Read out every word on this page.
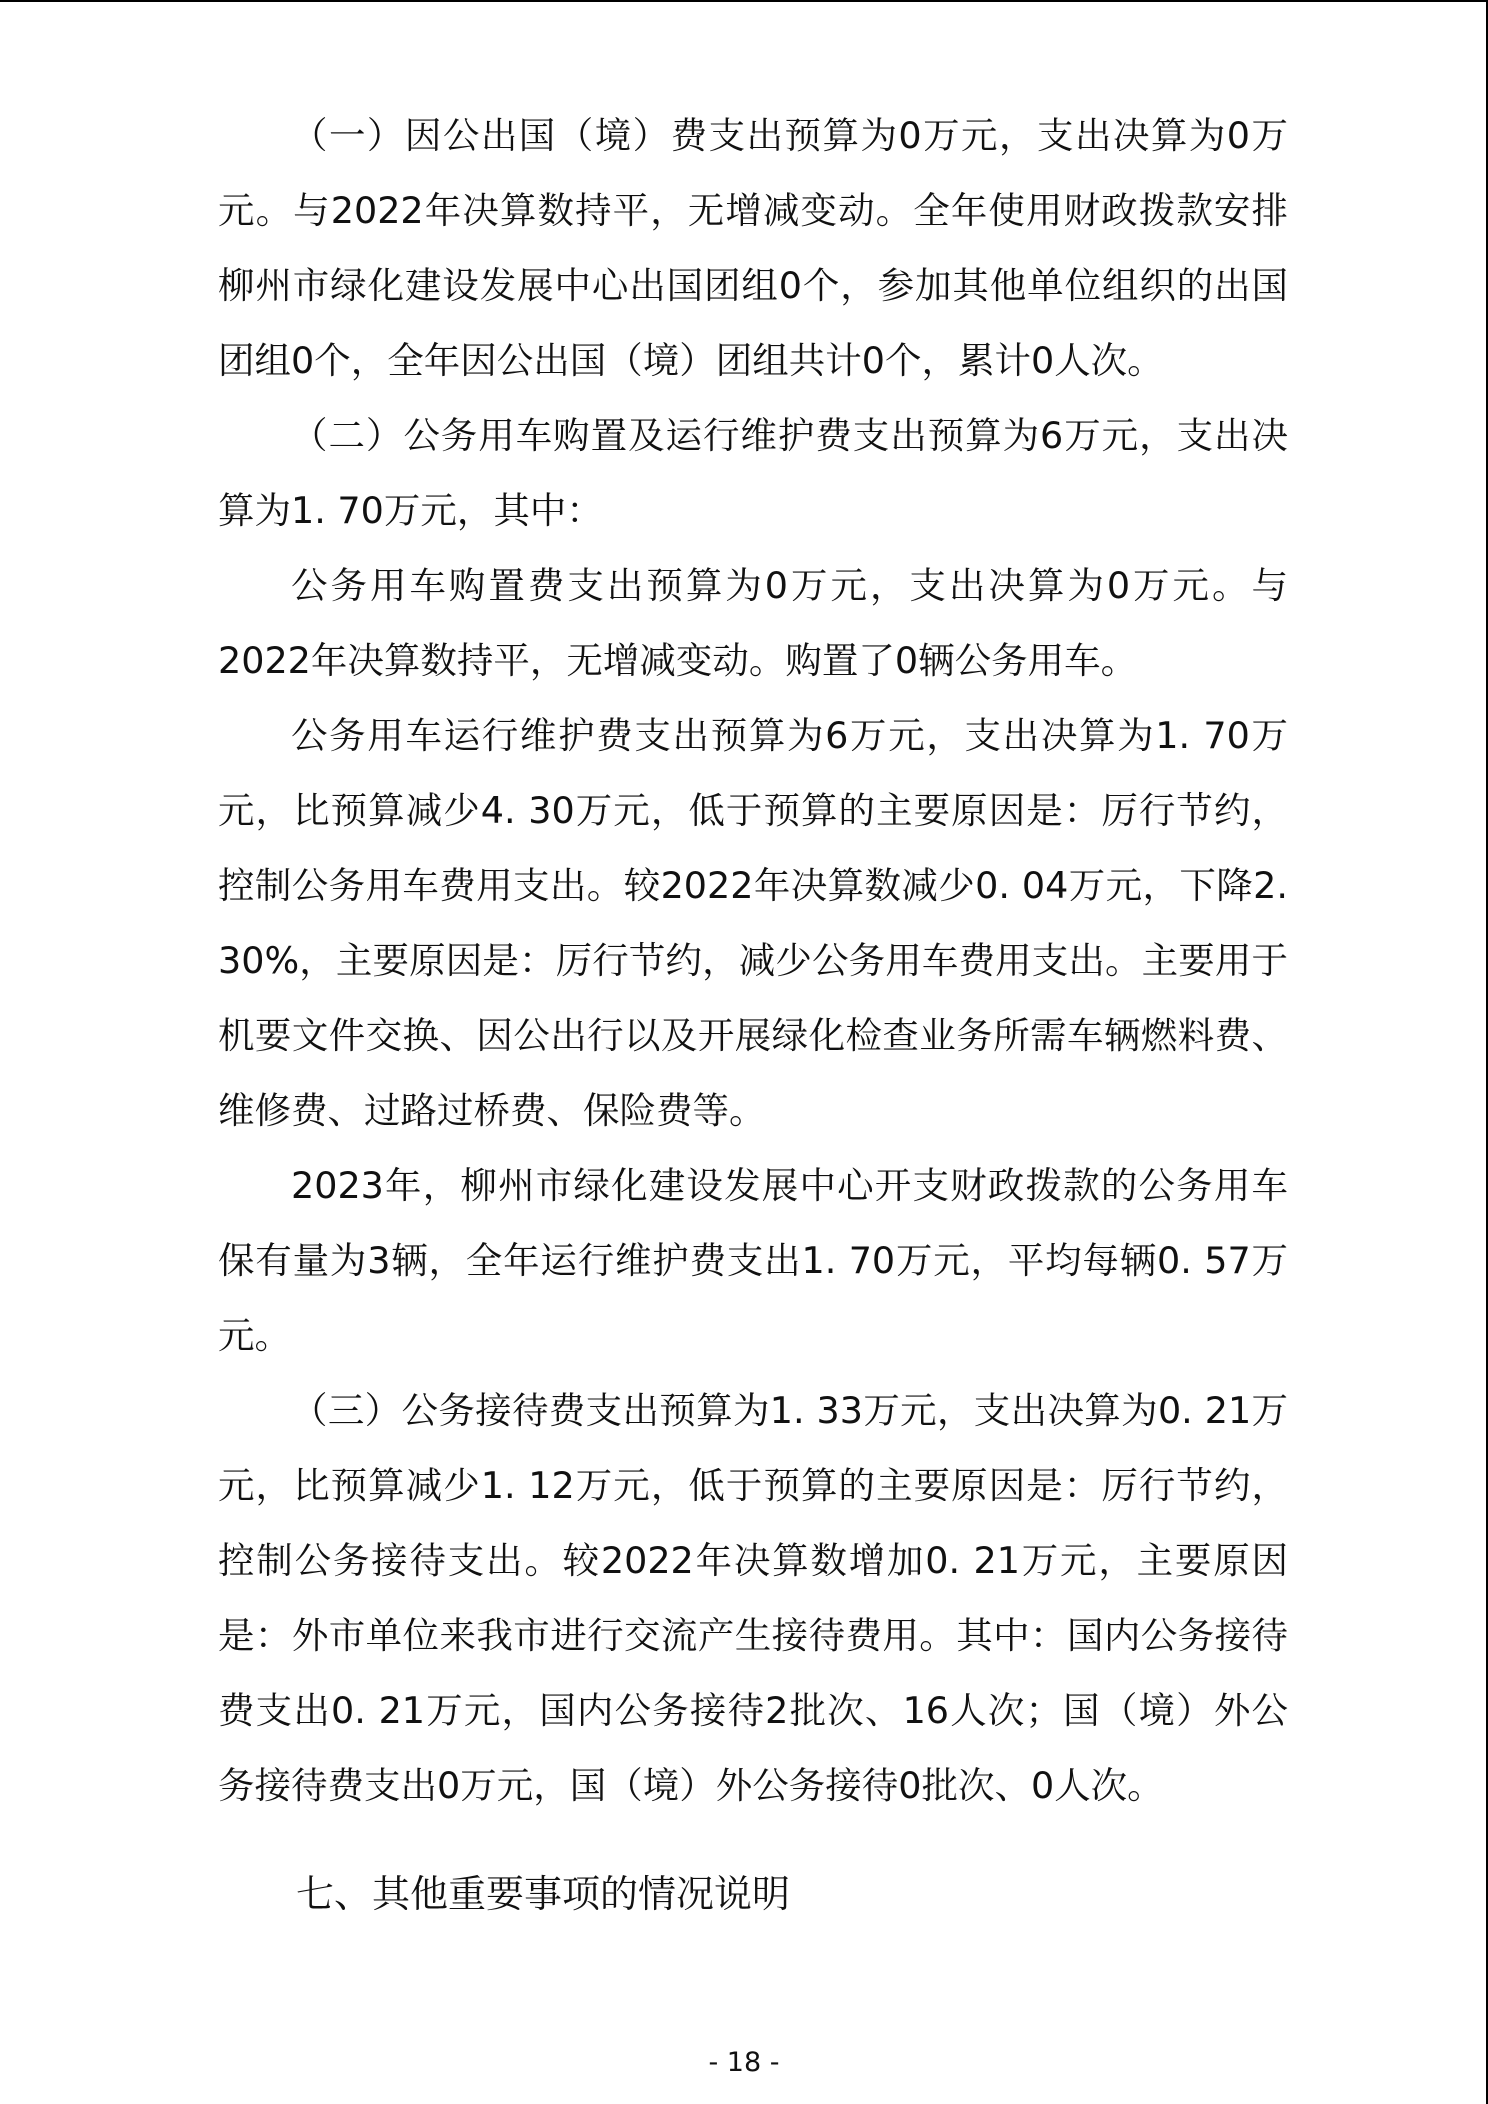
（一）因公出国（境）费支出预算为0万元，支出决算为0万元。与2022年决算数持平，无增减变动。全年使用财政拨款安排柳州市绿化建设发展中心出国团组0个，参加其他单位组织的出国团组0个，全年因公出国（境）团组共计0个，累计0人次。

（二）公务用车购置及运行维护费支出预算为6万元，支出决算为1. 70万元，其中：

公务用车购置费支出预算为0万元，支出决算为0万元。与2022年决算数持平，无增减变动。购置了0辆公务用车。

公务用车运行维护费支出预算为6万元，支出决算为1. 70万元，比预算减少4. 30万元，低于预算的主要原因是：厉行节约，控制公务用车费用支出。较2022年决算数减少0. 04万元，下降2. 30%，主要原因是：厉行节约，减少公务用车费用支出。主要用于机要文件交换、因公出行以及开展绿化检查业务所需车辆燃料费、维修费、过路过桥费、保险费等。

2023年，柳州市绿化建设发展中心开支财政拨款的公务用车保有量为3辆，全年运行维护费支出1. 70万元，平均每辆0. 57万元。

（三）公务接待费支出预算为1. 33万元，支出决算为0. 21万元，比预算减少1. 12万元，低于预算的主要原因是：厉行节约，控制公务接待支出。较2022年决算数增加0. 21万元，主要原因是：外市单位来我市进行交流产生接待费用。其中：国内公务接待费支出0. 21万元，国内公务接待2批次、16人次；国（境）外公务接待费支出0万元，国（境）外公务接待0批次、0人次。

七、其他重要事项的情况说明
- 18 -
